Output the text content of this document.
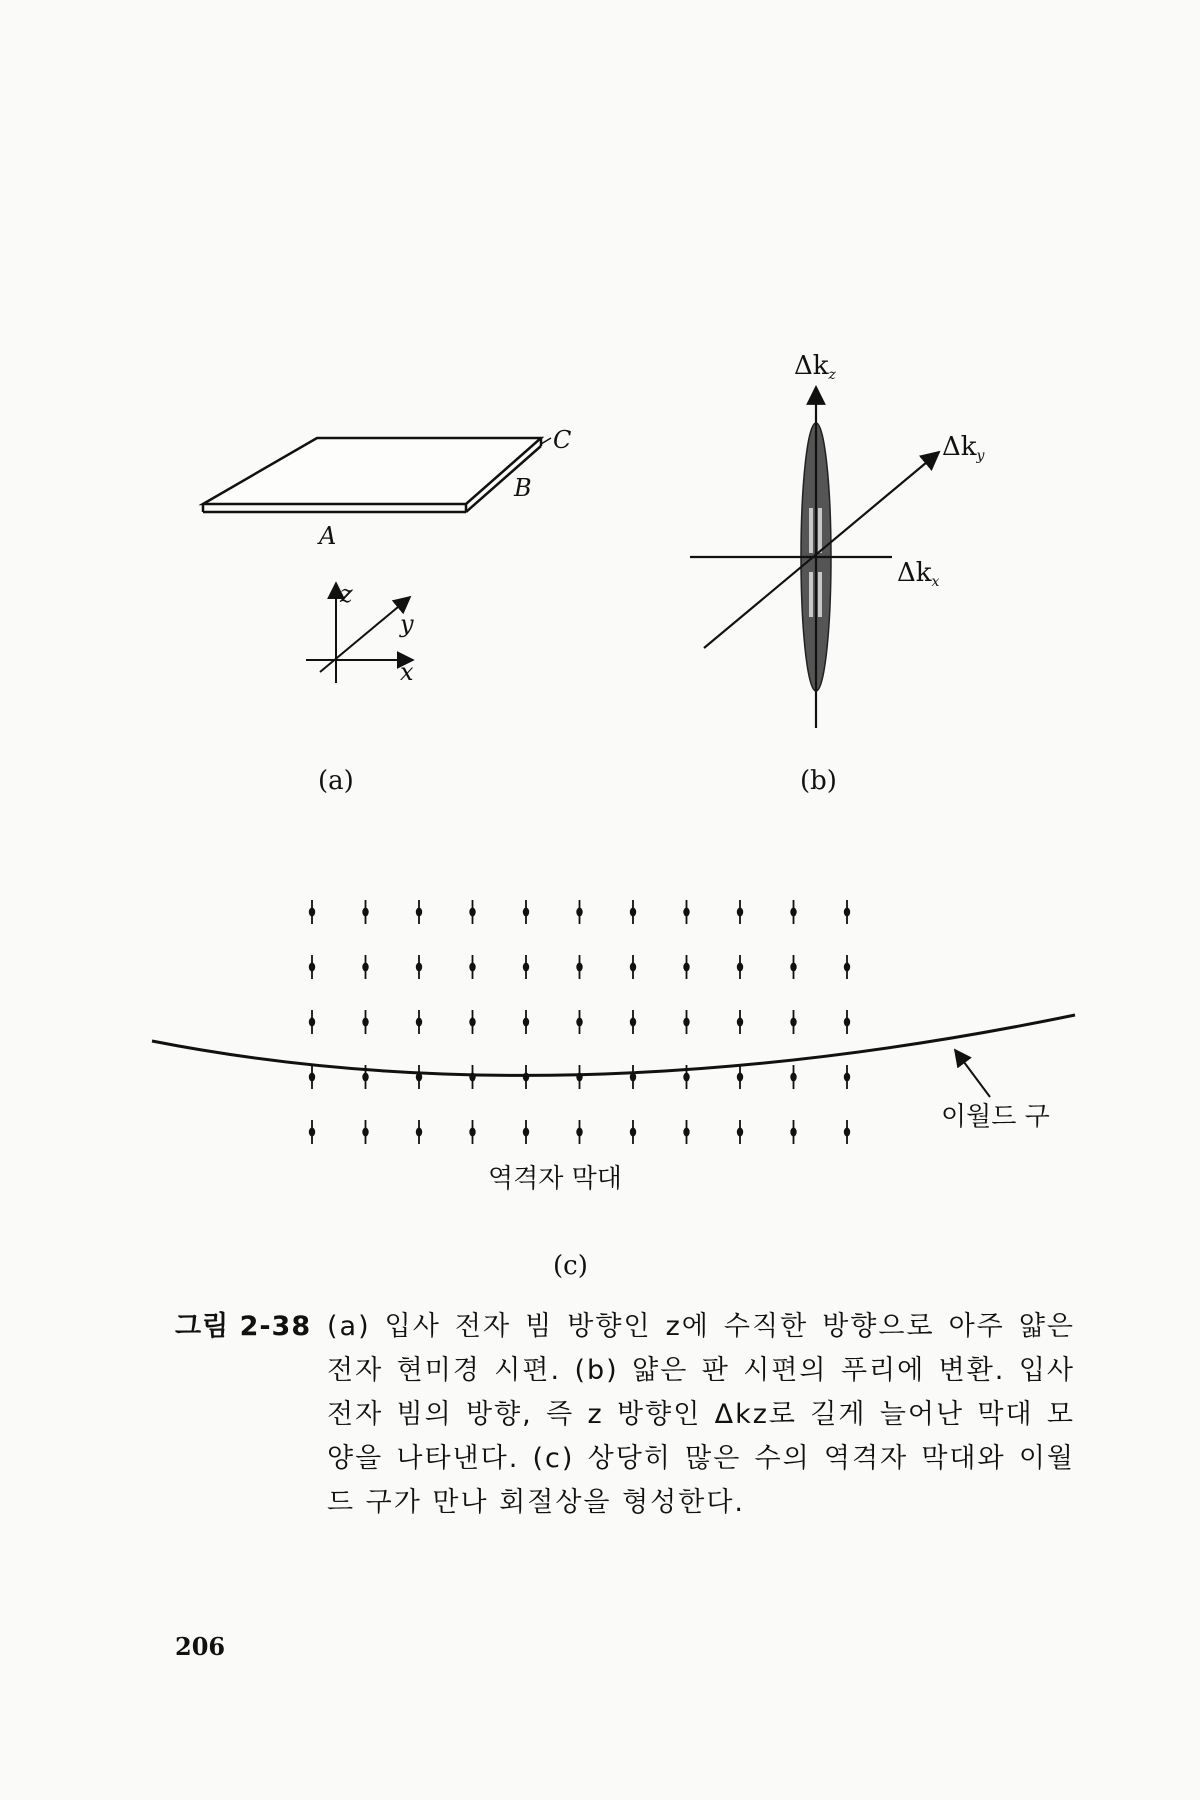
A
B
C
z
y
x
(a)
Δkz
Δky
Δkx
(b)
이월드 구
역격자 막대
(c)
그림 2-38 (a) 입사 전자 빔 방향인 z에 수직한 방향으로 아주 얇은 전자 현미경 시편. (b) 얇은 판 시편의 푸리에 변환. 입사 전자 빔의 방향, 즉 z 방향인 Δkz로 길게 늘어난 막대 모양을 나타낸다. (c) 상당히 많은 수의 역격자 막대와 이월드 구가 만나 회절상을 형성한다.
206
